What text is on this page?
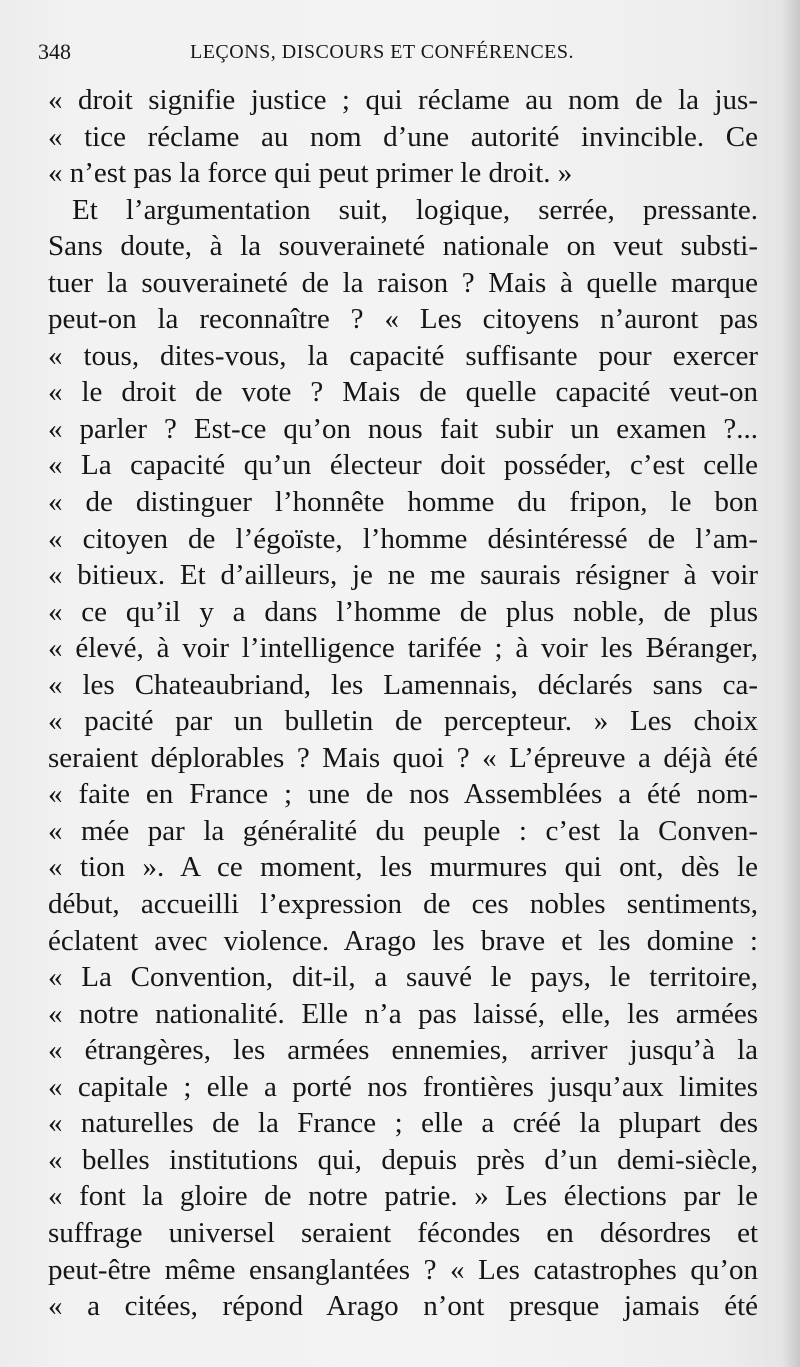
348	LEÇONS, DISCOURS ET CONFÉRENCES.
« droit signifie justice ; qui réclame au nom de la jus-
« tice réclame au nom d’une autorité invincible. Ce
« n’est pas la force qui peut primer le droit. »
Et l’argumentation suit, logique, serrée, pressante.
Sans doute, à la souveraineté nationale on veut substi-
tuer la souveraineté de la raison ? Mais à quelle marque
peut-on la reconnaître ? « Les citoyens n’auront pas
« tous, dites-vous, la capacité suffisante pour exercer
« le droit de vote ? Mais de quelle capacité veut-on
« parler ? Est-ce qu’on nous fait subir un examen ?...
« La capacité qu’un électeur doit posséder, c’est celle
« de distinguer l’honnête homme du fripon, le bon
« citoyen de l’égoïste, l’homme désintéressé de l’am-
« bitieux. Et d’ailleurs, je ne me saurais résigner à voir
« ce qu’il y a dans l’homme de plus noble, de plus
« élevé, à voir l’intelligence tarifée ; à voir les Béranger,
« les Chateaubriand, les Lamennais, déclarés sans ca-
« pacité par un bulletin de percepteur. » Les choix
seraient déplorables ? Mais quoi ? « L’épreuve a déjà été
« faite en France ; une de nos Assemblées a été nom-
« mée par la généralité du peuple : c’est la Conven-
« tion ». A ce moment, les murmures qui ont, dès le
début, accueilli l’expression de ces nobles sentiments,
éclatent avec violence. Arago les brave et les domine :
« La Convention, dit-il, a sauvé le pays, le territoire,
« notre nationalité. Elle n’a pas laissé, elle, les armées
« étrangères, les armées ennemies, arriver jusqu’à la
« capitale ; elle a porté nos frontières jusqu’aux limites
« naturelles de la France ; elle a créé la plupart des
« belles institutions qui, depuis près d’un demi-siècle,
« font la gloire de notre patrie. » Les élections par le
suffrage universel seraient fécondes en désordres et
peut-être même ensanglantées ? « Les catastrophes qu’on
« a citées, répond Arago n’ont presque jamais été
